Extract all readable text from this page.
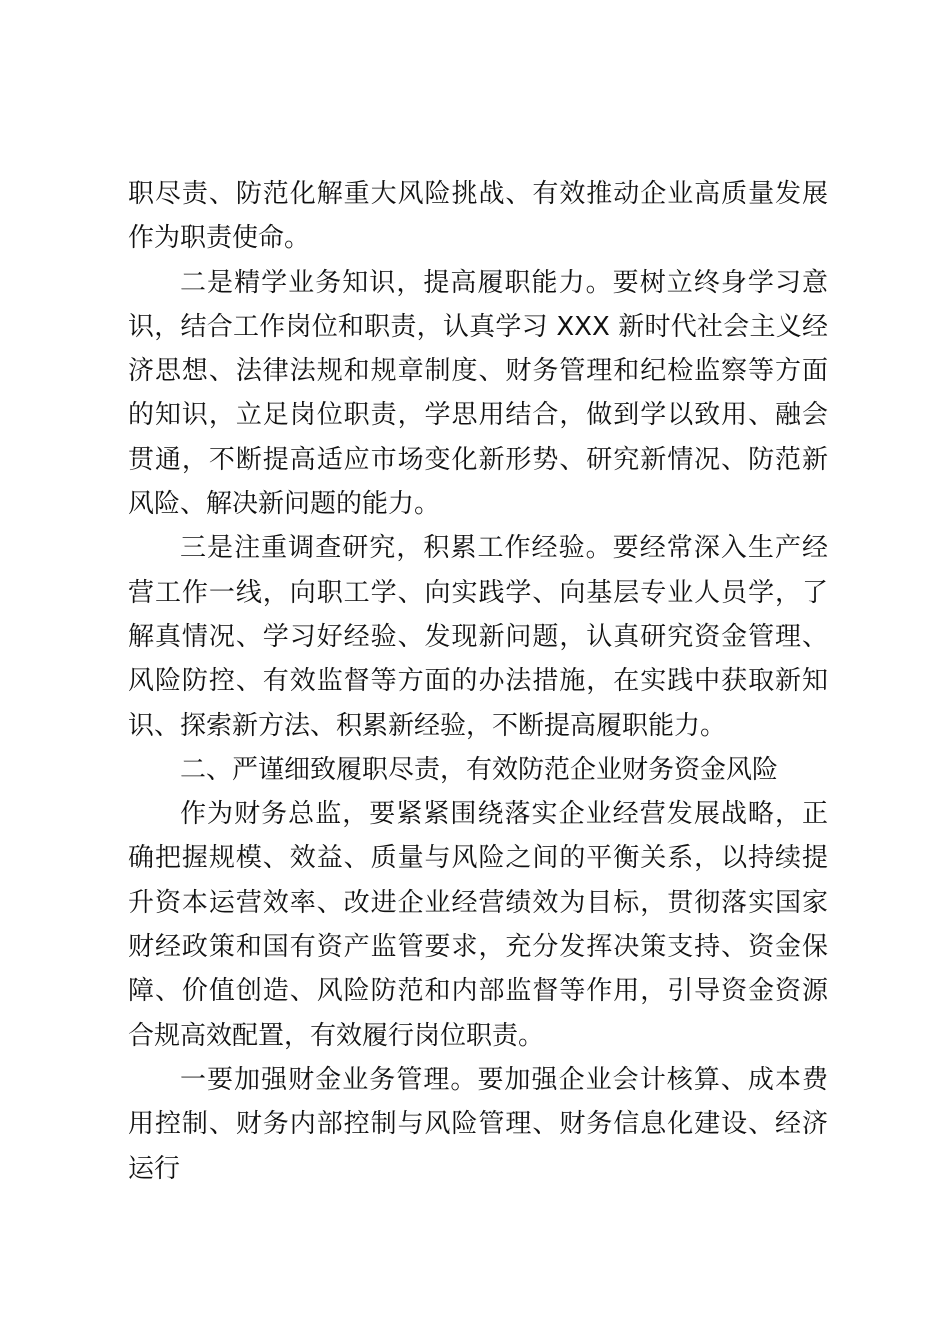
职尽责、防范化解重大风险挑战、有效推动企业高质量发展作为职责使命。

二是精学业务知识，提高履职能力。要树立终身学习意识，结合工作岗位和职责，认真学习 XXX 新时代社会主义经济思想、法律法规和规章制度、财务管理和纪检监察等方面的知识，立足岗位职责，学思用结合，做到学以致用、融会贯通，不断提高适应市场变化新形势、研究新情况、防范新风险、解决新问题的能力。

三是注重调查研究，积累工作经验。要经常深入生产经营工作一线，向职工学、向实践学、向基层专业人员学，了解真情况、学习好经验、发现新问题，认真研究资金管理、风险防控、有效监督等方面的办法措施，在实践中获取新知识、探索新方法、积累新经验，不断提高履职能力。

二、严谨细致履职尽责，有效防范企业财务资金风险

作为财务总监，要紧紧围绕落实企业经营发展战略，正确把握规模、效益、质量与风险之间的平衡关系，以持续提升资本运营效率、改进企业经营绩效为目标，贯彻落实国家财经政策和国有资产监管要求，充分发挥决策支持、资金保障、价值创造、风险防范和内部监督等作用，引导资金资源合规高效配置，有效履行岗位职责。

一要加强财金业务管理。要加强企业会计核算、成本费用控制、财务内部控制与风险管理、财务信息化建设、经济运行
